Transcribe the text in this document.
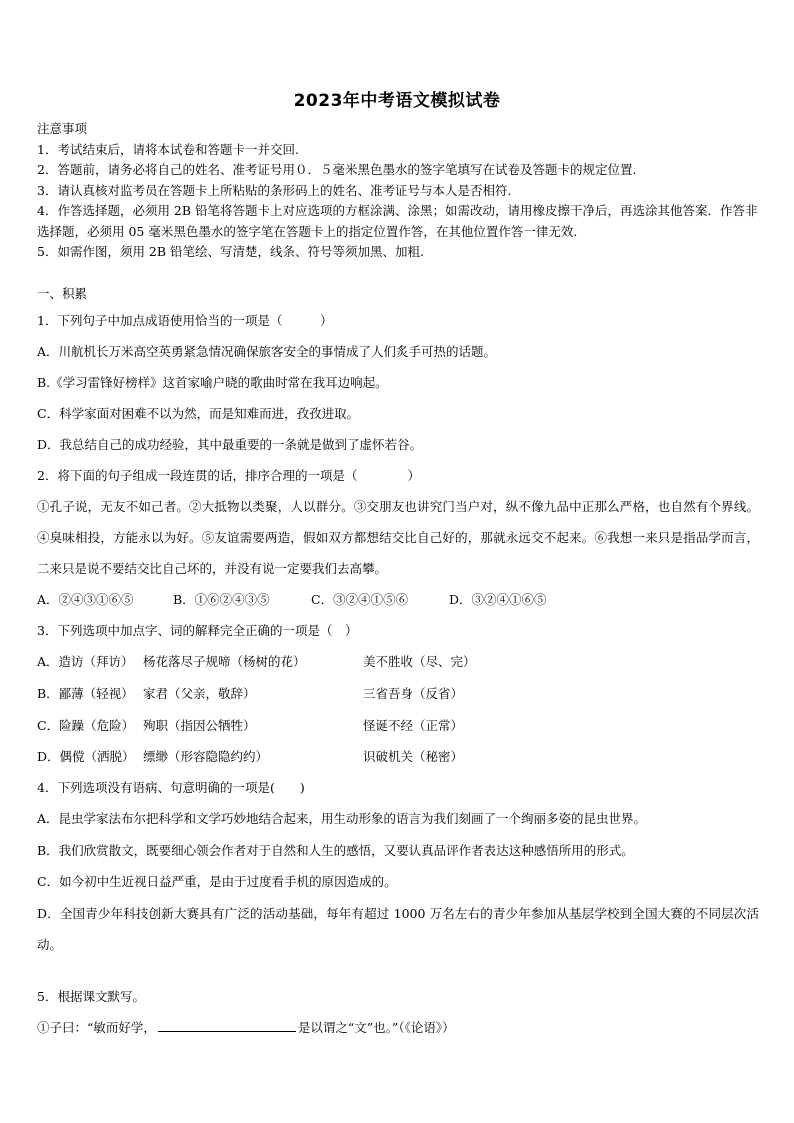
2023年中考语文模拟试卷

注意事项

1．考试结束后，请将本试卷和答题卡一并交回.

2．答题前，请务必将自己的姓名、准考证号用０．５毫米黑色墨水的签字笔填写在试卷及答题卡的规定位置.

3．请认真核对监考员在答题卡上所粘贴的条形码上的姓名、准考证号与本人是否相符.

4．作答选择题，必须用 2B 铅笔将答题卡上对应选项的方框涂满、涂黑；如需改动，请用橡皮擦干净后，再选涂其他答案．作答非选择题，必须用 05 毫米黑色墨水的签字笔在答题卡上的指定位置作答，在其他位置作答一律无效.

5．如需作图，须用 2B 铅笔绘、写清楚，线条、符号等须加黑、加粗.

一、积累
1．下列句子中加点成语使用恰当的一项是（　　　）
A．川航机长万米高空英勇紧急情况确保旅客安全的事情成了人们炙手可热的话题。
B.《学习雷锋好榜样》这首家喻户晓的歌曲时常在我耳边响起。
C．科学家面对困难不以为然，而是知难而进，孜孜进取。
D．我总结自己的成功经验，其中最重要的一条就是做到了虚怀若谷。
2．将下面的句子组成一段连贯的话，排序合理的一项是（　　　　）
①孔子说，无友不如己者。②大抵物以类聚，人以群分。③交朋友也讲究门当户对，纵不像九品中正那么严格，也自然有个界线。④臭味相投，方能永以为好。⑤友谊需要两造，假如双方都想结交比自己好的，那就永远交不起来。⑥我想一来只是指品学而言，二来只是说不要结交比自己坏的，并没有说一定要我们去高攀。
A．②④③①⑥⑤	B．①⑥②④③⑤	C．③②④①⑤⑥	D．③②④①⑥⑤
3．下列选项中加点字、词的解释完全正确的一项是（　）
A．造访（拜访） 杨花落尽子规啼（杨树的花）	美不胜收（尽、完）
B．鄙薄（轻视） 家君（父亲，敬辞）	三省吾身（反省）
C．险躁（危险） 殉职（指因公牺牲）	怪诞不经（正常）
D．偶傥（洒脱） 缥缈（形容隐隐约约）	识破机关（秘密）
4．下列选项没有语病、句意明确的一项是(　　)
A．昆虫学家法布尔把科学和文学巧妙地结合起来，用生动形象的语言为我们刻画了一个绚丽多姿的昆虫世界。
B．我们欣赏散文，既要细心领会作者对于自然和人生的感悟，又要认真品评作者表达这种感悟所用的形式。
C．如今初中生近视日益严重，是由于过度看手机的原因造成的。
D．全国青少年科技创新大赛具有广泛的活动基础，每年有超过 1000 万名左右的青少年参加从基层学校到全国大赛的不同层次活动。
5．根据课文默写。
①子曰：“敏而好学，	是以谓之“文”也。”（《论语》）
